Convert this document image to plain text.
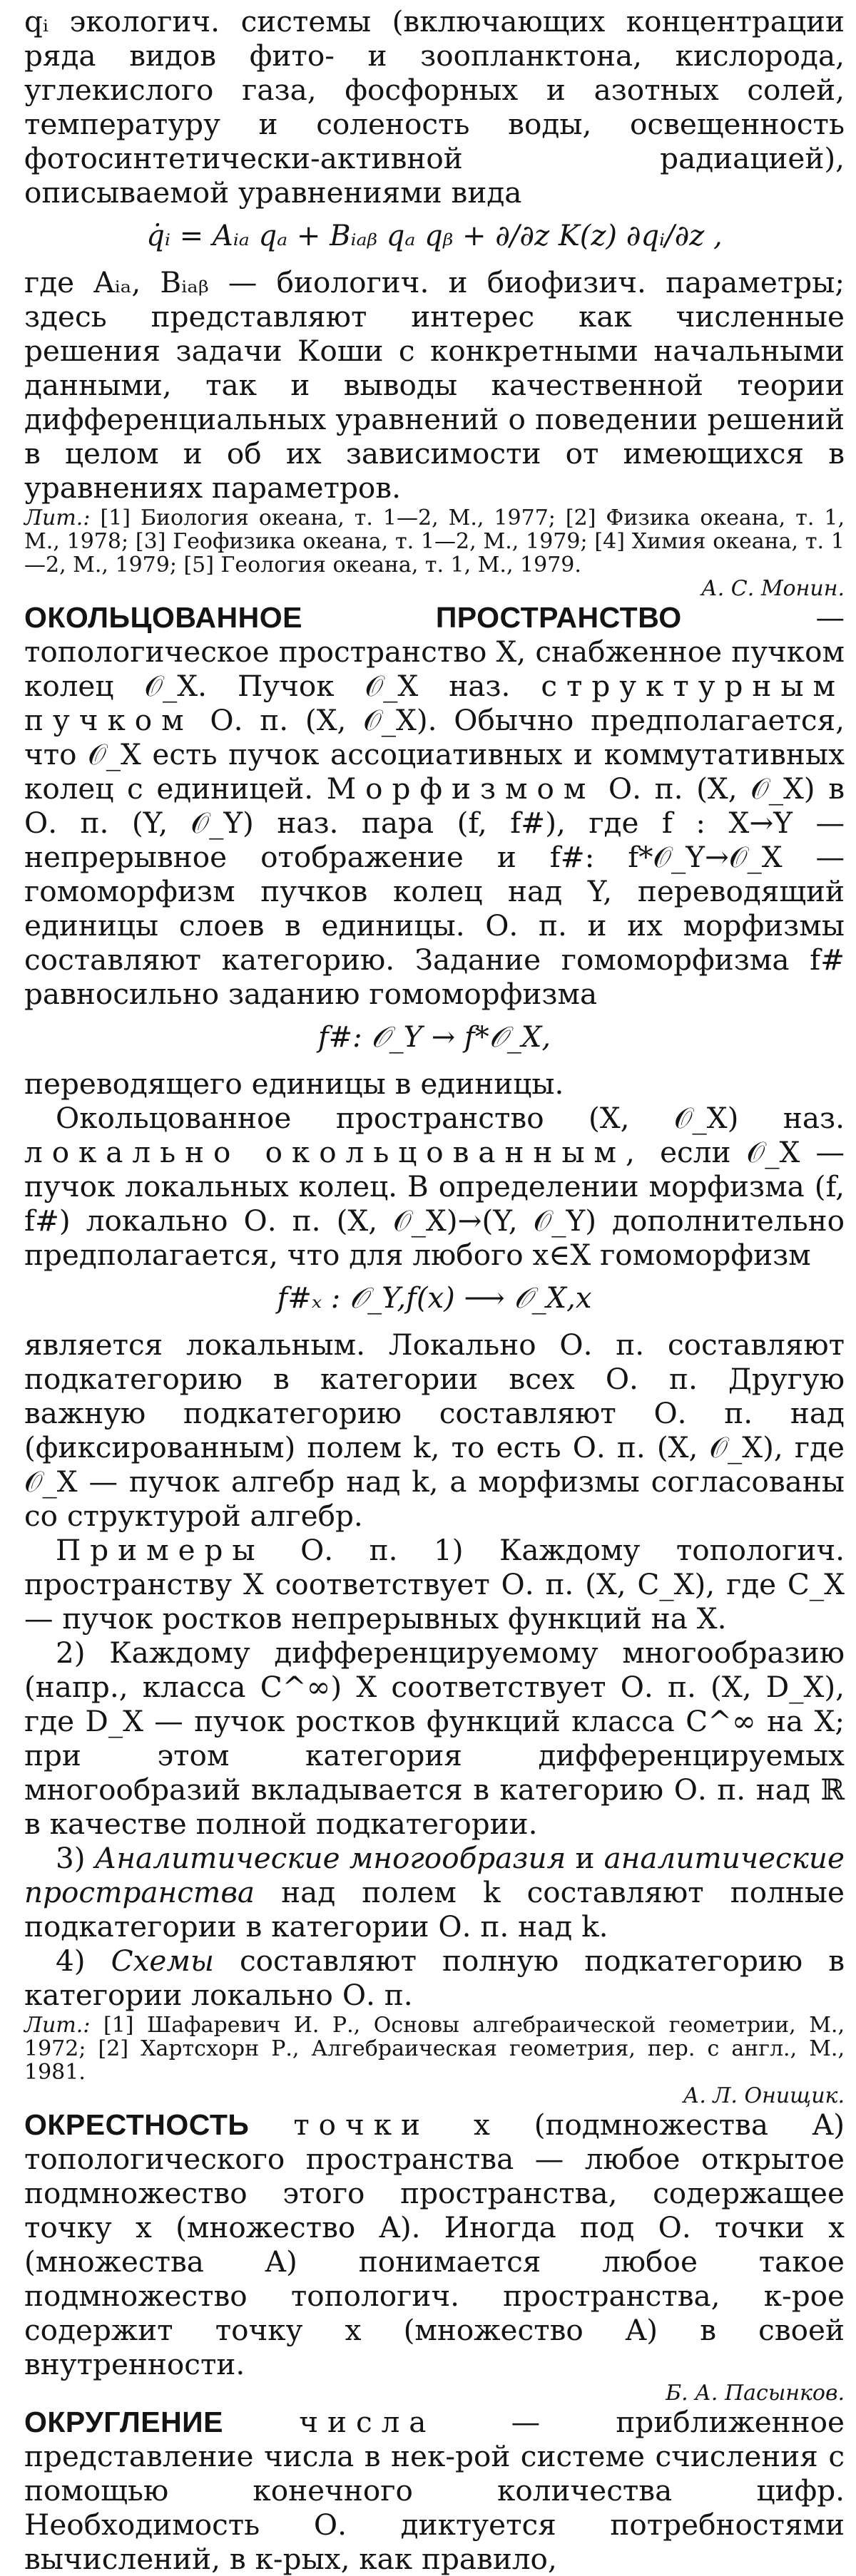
qᵢ экологич. системы (включающих концентрации ряда видов фито- и зоопланктона, кислорода, углекислого газа, фосфорных и азотных солей, температуру и соленость воды, освещенность фотосинтетически-активной радиацией), описываемой уравнениями вида

q̇ᵢ = Aᵢₐ qₐ + Bᵢₐᵦ qₐ qᵦ + ∂/∂z K(z) ∂qᵢ/∂z ,

где Aᵢₐ, Bᵢₐᵦ — биологич. и биофизич. параметры; здесь представляют интерес как численные решения задачи Коши с конкретными начальными данными, так и выводы качественной теории дифференциальных уравнений о поведении решений в целом и об их зависимости от имеющихся в уравнениях параметров.

Лит.: [1] Биология океана, т. 1—2, М., 1977; [2] Физика океана, т. 1, М., 1978; [3] Геофизика океана, т. 1—2, М., 1979; [4] Химия океана, т. 1—2, М., 1979; [5] Геология океана, т. 1, М., 1979.

А. С. Монин.

ОКОЛЬЦОВАННОЕ ПРОСТРАНСТВО — топологическое пространство X, снабженное пучком колец 𝒪_X. Пучок 𝒪_X наз. структурным пучком О. п. (X, 𝒪_X). Обычно предполагается, что 𝒪_X есть пучок ассоциативных и коммутативных колец с единицей. Морфизмом О. п. (X, 𝒪_X) в О. п. (Y, 𝒪_Y) наз. пара (f, f#), где f : X→Y — непрерывное отображение и f#: f*𝒪_Y→𝒪_X — гомоморфизм пучков колец над Y, переводящий единицы слоев в единицы. О. п. и их морфизмы составляют категорию. Задание гомоморфизма f# равносильно заданию гомоморфизма

f#: 𝒪_Y → f*𝒪_X,

переводящего единицы в единицы.

Окольцованное пространство (X, 𝒪_X) наз. локально окольцованным, если 𝒪_X — пучок локальных колец. В определении морфизма (f, f#) локально О. п. (X, 𝒪_X)→(Y, 𝒪_Y) дополнительно предполагается, что для любого x∈X гомоморфизм

f#ₓ : 𝒪_Y,f(x) ⟶ 𝒪_X,x

является локальным. Локально О. п. составляют подкатегорию в категории всех О. п. Другую важную подкатегорию составляют О. п. над (фиксированным) полем k, то есть О. п. (X, 𝒪_X), где 𝒪_X — пучок алгебр над k, а морфизмы согласованы со структурой алгебр.

Примеры О. п. 1) Каждому топологич. пространству X соответствует О. п. (X, C_X), где C_X — пучок ростков непрерывных функций на X.

2) Каждому дифференцируемому многообразию (напр., класса C^∞) X соответствует О. п. (X, D_X), где D_X — пучок ростков функций класса C^∞ на X; при этом категория дифференцируемых многообразий вкладывается в категорию О. п. над ℝ в качестве полной подкатегории.

3) Аналитические многообразия и аналитические пространства над полем k составляют полные подкатегории в категории О. п. над k.

4) Схемы составляют полную подкатегорию в категории локально О. п.

Лит.: [1] Шафаревич И. Р., Основы алгебраической геометрии, М., 1972; [2] Хартсхорн Р., Алгебраическая геометрия, пер. с англ., М., 1981.

А. Л. Онищик.

ОКРЕСТНОСТЬ точки x (подмножества A) топологического пространства — любое открытое подмножество этого пространства, содержащее точку x (множество A). Иногда под О. точки x (множества A) понимается любое такое подмножество топологич. пространства, к-рое содержит точку x (множество A) в своей внутренности.

Б. А. Пасынков.

ОКРУГЛЕНИЕ	числа — приближенное представление числа в нек-рой системе счисления с помощью конечного количества цифр. Необходимость О. диктуется потребностями вычислений, в к-рых, как правило,
